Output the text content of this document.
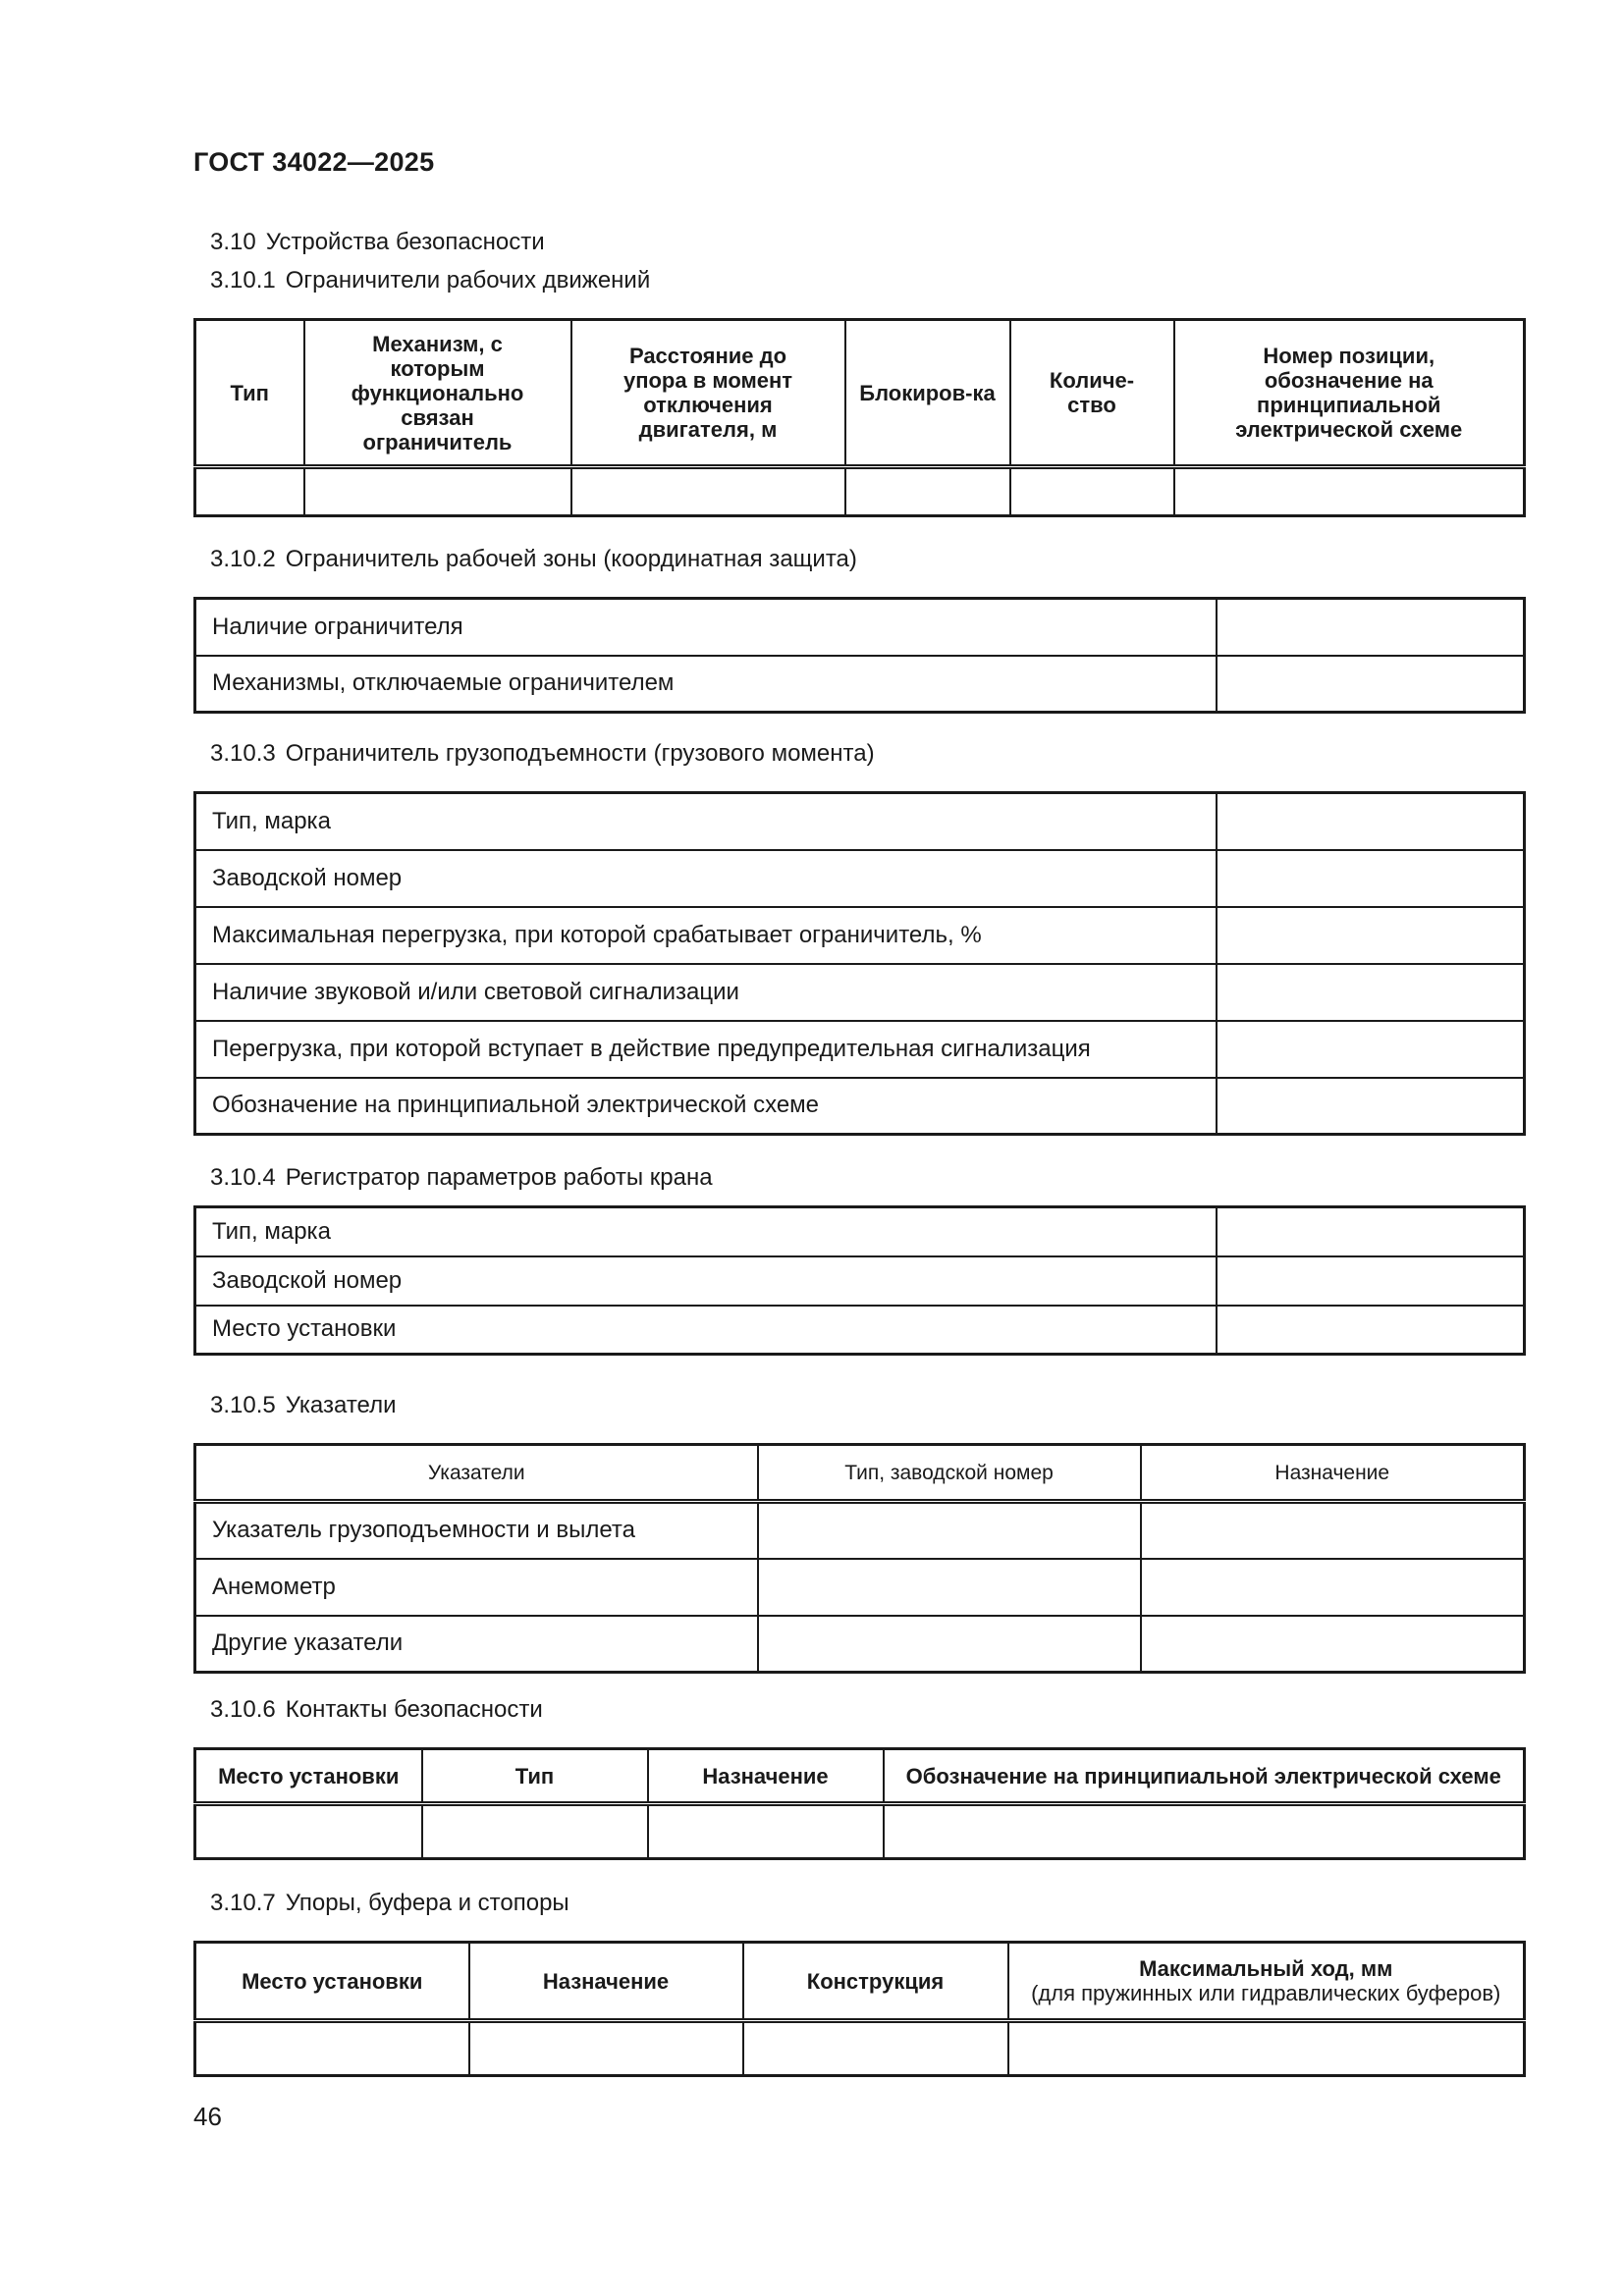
ГОСТ 34022—2025
3.10 Устройства безопасности
3.10.1 Ограничители рабочих движений
Тип	Механизм, с которым функционально связан ограничитель	Расстояние до упора в момент отключения двигателя, м	Блокиров-ка	Количе-ство	Номер позиции, обозначение на принципиальной электрической схеме

3.10.2 Ограничитель рабочей зоны (координатная защита)
Наличие ограничителя	
Механизмы, отключаемые ограничителем	
3.10.3 Ограничитель грузоподъемности (грузового момента)
Тип, марка	
Заводской номер	
Максимальная перегрузка, при которой срабатывает ограничитель, %	
Наличие звуковой и/или световой сигнализации	
Перегрузка, при которой вступает в действие предупредительная сигнализация	
Обозначение на принципиальной электрической схеме	
3.10.4 Регистратор параметров работы крана
Тип, марка	
Заводской номер	
Место установки	
3.10.5 Указатели
Указатели	Тип, заводской номер	Назначение
Указатель грузоподъемности и вылета		
Анемометр		
Другие указатели		
3.10.6 Контакты безопасности
Место установки	Тип	Назначение	Обозначение на принципиальной электрической схеме

3.10.7 Упоры, буфера и стопоры
Место установки	Назначение	Конструкция	Максимальный ход, мм
(для пружинных или гидравлических буферов)

46
